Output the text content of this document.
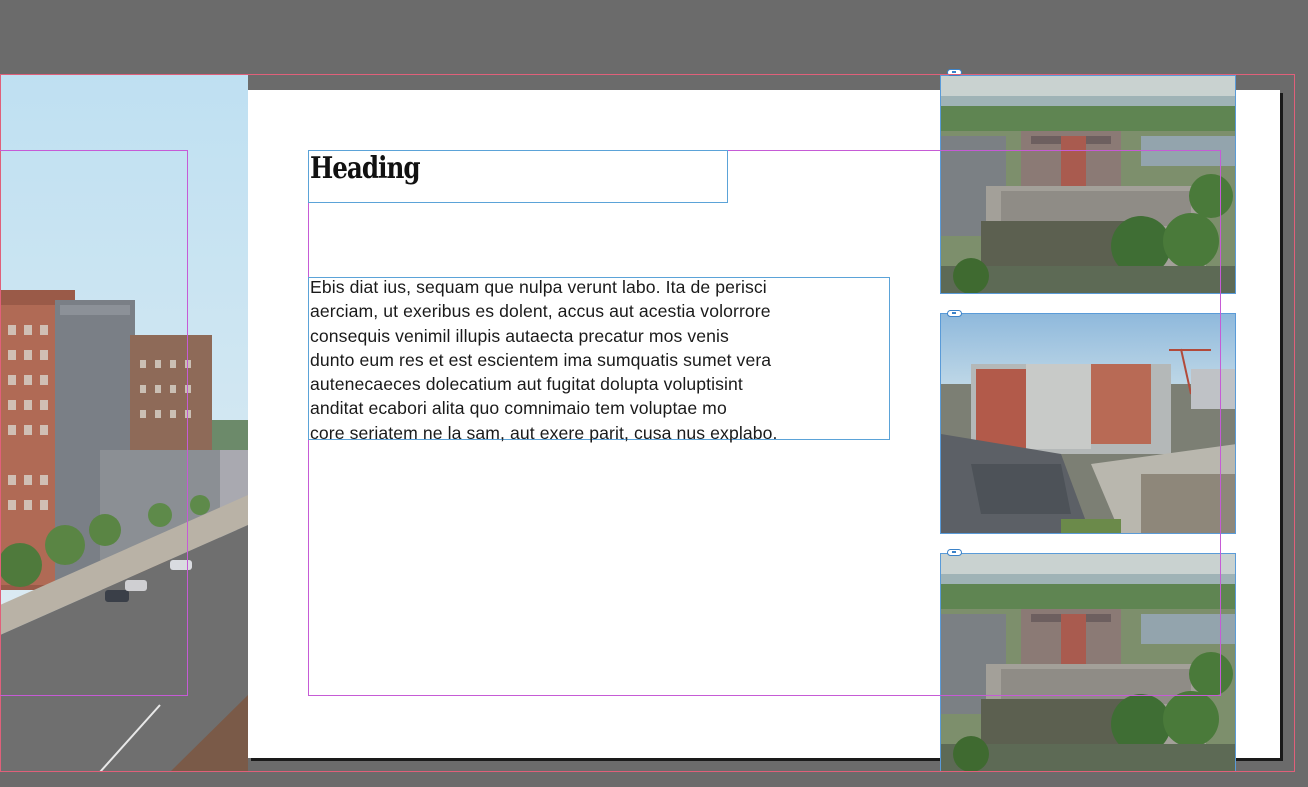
Heading
Ebis diat ius, sequam que nulpa verunt labo. Ita de perisci
aerciam, ut exeribus es dolent, accus aut acestia volorrore
consequis venimil illupis autaecta precatur mos venis
dunto eum res et est escientem ima sumquatis sumet vera
autenecaeces dolecatium aut fugitat dolupta voluptisint
anditat ecabori alita quo comnimaio tem voluptae mo
core seriatem ne la sam, aut exere parit, cusa nus explabo.
